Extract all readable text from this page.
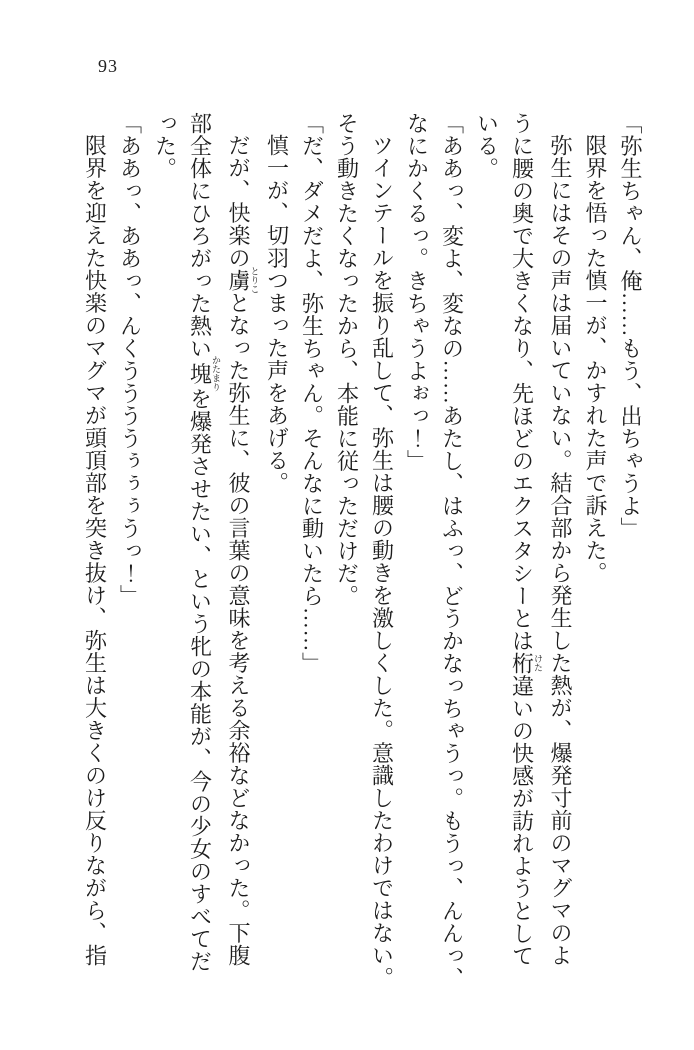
93

「弥生ちゃん、俺……もう、出ちゃうよ」

限界を悟った慎一が、かすれた声で訴えた。

弥生にはその声は届いていない。結合部から発生した熱が、爆発寸前のマグマのよ

うに腰の奥で大きくなり、先ほどのエクスタシーとは桁けた違いの快感が訪れようとして

いる。

「ああっ、変よ、変なの……あたし、はふっ、どうかなっちゃうっ。もうっ、んんっ、

なにかくるっ。きちゃうよぉっ！」

ツインテールを振り乱して、弥生は腰の動きを激しくした。意識したわけではない。

そう動きたくなったから、本能に従っただけだ。

「だ、ダメだよ、弥生ちゃん。そんなに動いたら……」

慎一が、切羽つまった声をあげる。

だが、快楽の虜とりことなった弥生に、彼の言葉の意味を考える余裕などなかった。下腹

部全体にひろがった熱い塊かたまりを爆発させたい、という牝の本能が、今の少女のすべてだ

った。

「ああっ、ああっ、んくううううぅぅぅうっ！」

限界を迎えた快楽のマグマが頭頂部を突き抜け、弥生は大きくのけ反りながら、指
